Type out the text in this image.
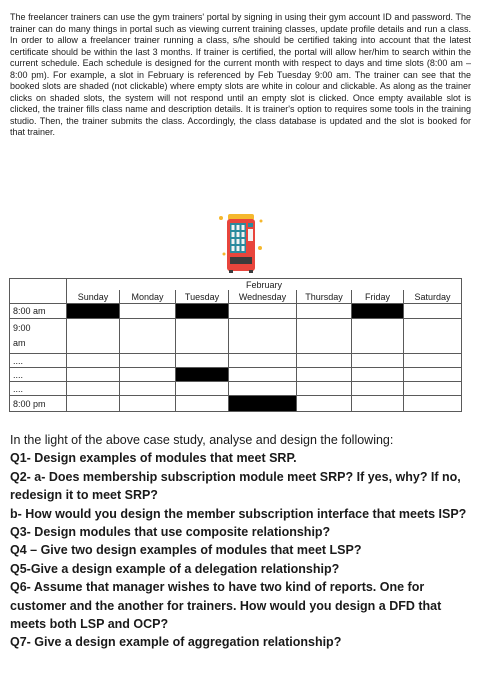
The freelancer trainers can use the gym trainers' portal by signing in using their gym account ID and password. The trainer can do many things in portal such as viewing current training classes, update profile details and run a class. In order to allow a freelancer trainer running a class, s/he should be certified taking into account that the latest certificate should be within the last 3 months. If trainer is certified, the portal will allow her/him to search within the current schedule. Each schedule is designed for the current month with respect to days and time slots (8:00 am – 8:00 pm). For example, a slot in February is referenced by Feb Tuesday 9:00 am. The trainer can see that the booked slots are shaded (not clickable) where empty slots are white in colour and clickable. As along as the trainer clicks on shaded slots, the system will not respond until an empty slot is clicked. Once empty available slot is clicked, the trainer fills class name and description details. It is trainer's option to requires some tools in the training studio. Then, the trainer submits the class. Accordingly, the class database is updated and the slot is booked for that trainer.

	February						
	Sunday	Monday	Tuesday	Wednesday	Thursday	Friday	Saturday
8:00 am							
9:00 am							
....							
....							
....							
8:00 pm							
In the light of the above case study, analyse and design the following:
Q1- Design examples of modules that meet SRP.
Q2- a- Does membership subscription module meet SRP? If yes, why? If no, redesign it to meet SRP?
b- How would you design the member subscription interface that meets ISP?
Q3- Design modules that use composite relationship?
Q4 – Give two design examples of modules that meet LSP?
Q5-Give a design example of a delegation relationship?
Q6- Assume that manager wishes to have two kind of reports. One for customer and the another for trainers. How would you design a DFD that meets both LSP and OCP?
Q7- Give a design example of aggregation relationship?
